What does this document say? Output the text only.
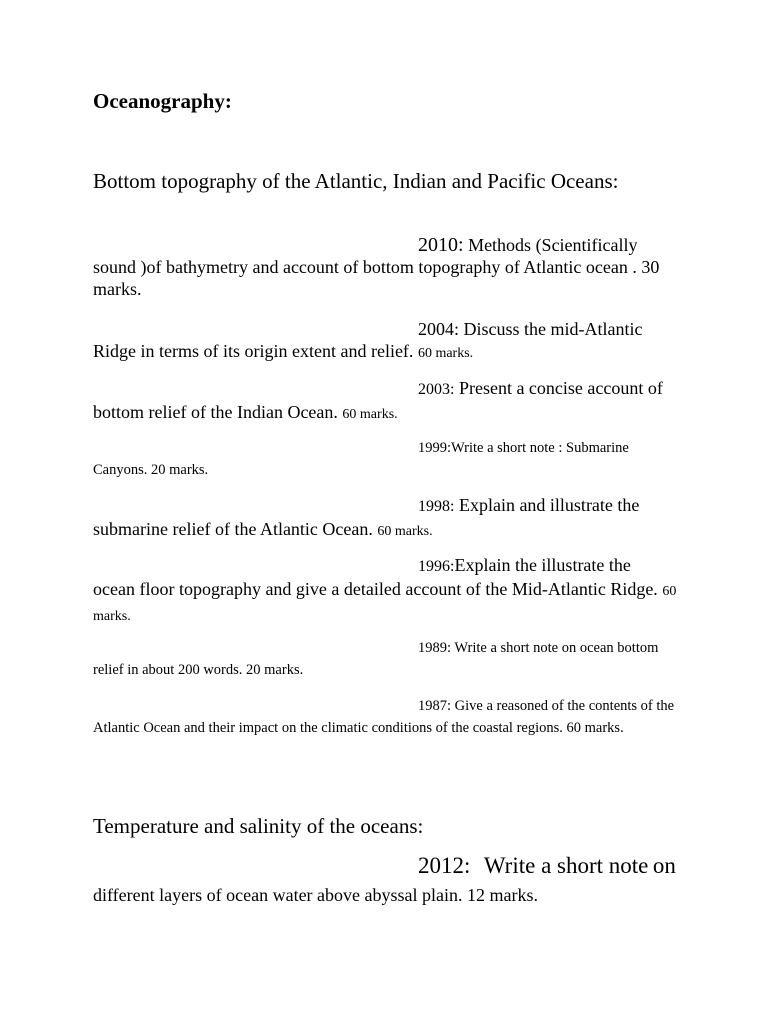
Oceanography:

Bottom topography of the Atlantic, Indian and Pacific Oceans:

2010: Methods (Scientifically sound )of bathymetry and account of bottom topography of Atlantic ocean . 30 marks.

2004: Discuss the mid-Atlantic Ridge in terms of its origin extent and relief. 60 marks.

2003: Present a concise account of bottom relief of the Indian Ocean. 60 marks.

1999:Write a short note : Submarine Canyons. 20 marks.

1998: Explain and illustrate the submarine relief of the Atlantic Ocean. 60 marks.

1996:Explain the illustrate the ocean floor topography and give a detailed account of the Mid-Atlantic Ridge. 60 marks.

1989: Write a short note on ocean bottom relief in about 200 words. 20 marks.

1987: Give a reasoned of the contents of the Atlantic Ocean and their impact on the climatic conditions of the coastal regions. 60 marks.

Temperature and salinity of the oceans:

2012: Write a short note on different layers of ocean water above abyssal plain. 12 marks.
